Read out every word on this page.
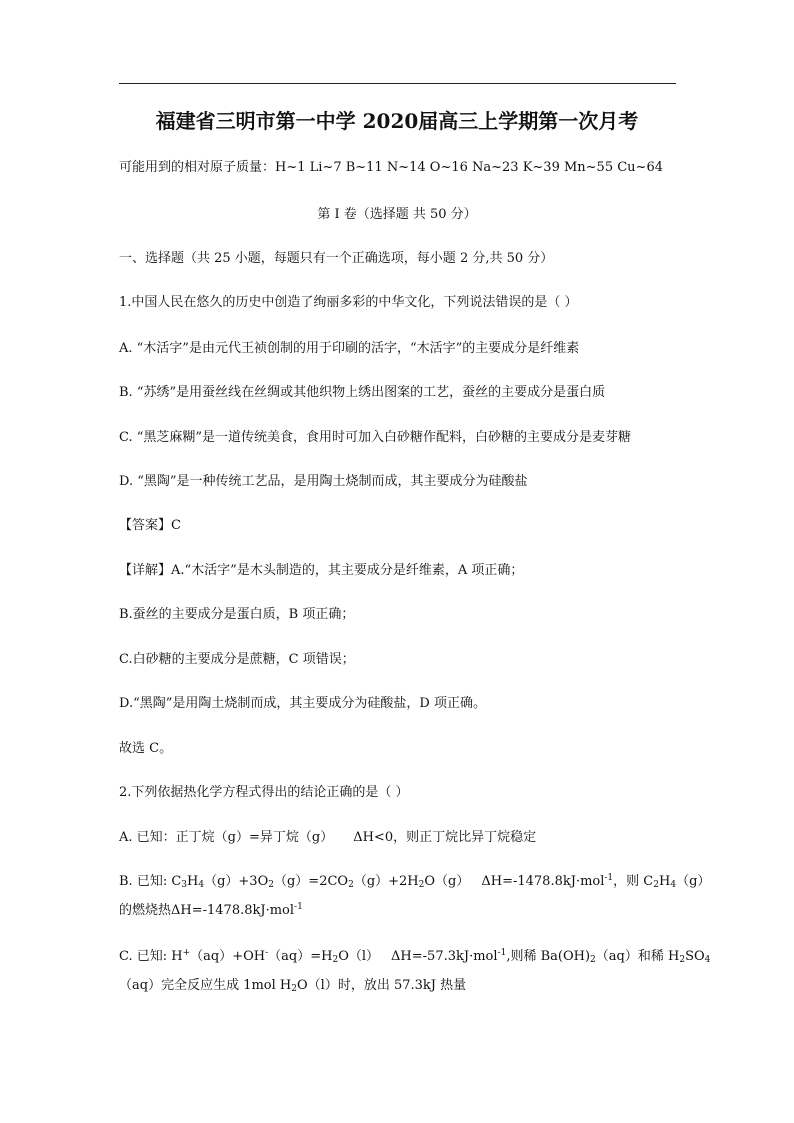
福建省三明市第一中学 2020届高三上学期第一次月考
可能用到的相对原子质量：H~1 Li~7 B~11 N~14 O~16 Na~23 K~39 Mn~55 Cu~64
第 I 卷（选择题 共 50 分）
一、选择题（共 25 小题，每题只有一个正确选项，每小题 2 分,共 50 分）
1.中国人民在悠久的历史中创造了绚丽多彩的中华文化，下列说法错误的是（ ）
A. “木活字”是由元代王祯创制的用于印刷的活字，“木活字”的主要成分是纤维素
B. “苏绣”是用蚕丝线在丝绸或其他织物上绣出图案的工艺，蚕丝的主要成分是蛋白质
C. “黑芝麻糊”是一道传统美食，食用时可加入白砂糖作配料，白砂糖的主要成分是麦芽糖
D. “黑陶”是一种传统工艺品，是用陶土烧制而成，其主要成分为硅酸盐
【答案】C
【详解】A.“木活字”是木头制造的，其主要成分是纤维素，A 项正确；
B.蚕丝的主要成分是蛋白质，B 项正确；
C.白砂糖的主要成分是蔗糖，C 项错误；
D.“黑陶”是用陶土烧制而成，其主要成分为硅酸盐，D 项正确。
故选 C。
2.下列依据热化学方程式得出的结论正确的是（ ）
A. 已知：正丁烷（g）=异丁烷（g） ΔH<0，则正丁烷比异丁烷稳定
B. 已知: $C_3H_4(g)+3O_2(g)=2CO_2(g)+2H_2O(g)$ ΔH=-1478.8kJ·mol$^{-1}$，则 $C_2H_4(g)$
的燃烧热ΔH=-1478.8kJ·mol$^{-1}$
C. 已知: $H^+(aq)+OH^-(aq)=H_2O(l)$ ΔH=-57.3kJ·mol$^{-1}$,则稀 $Ba(OH)_2(aq)$和稀 $H_2SO_4$
（aq）完全反应生成 1mol $H_2O(l)$时，放出 57.3kJ 热量
